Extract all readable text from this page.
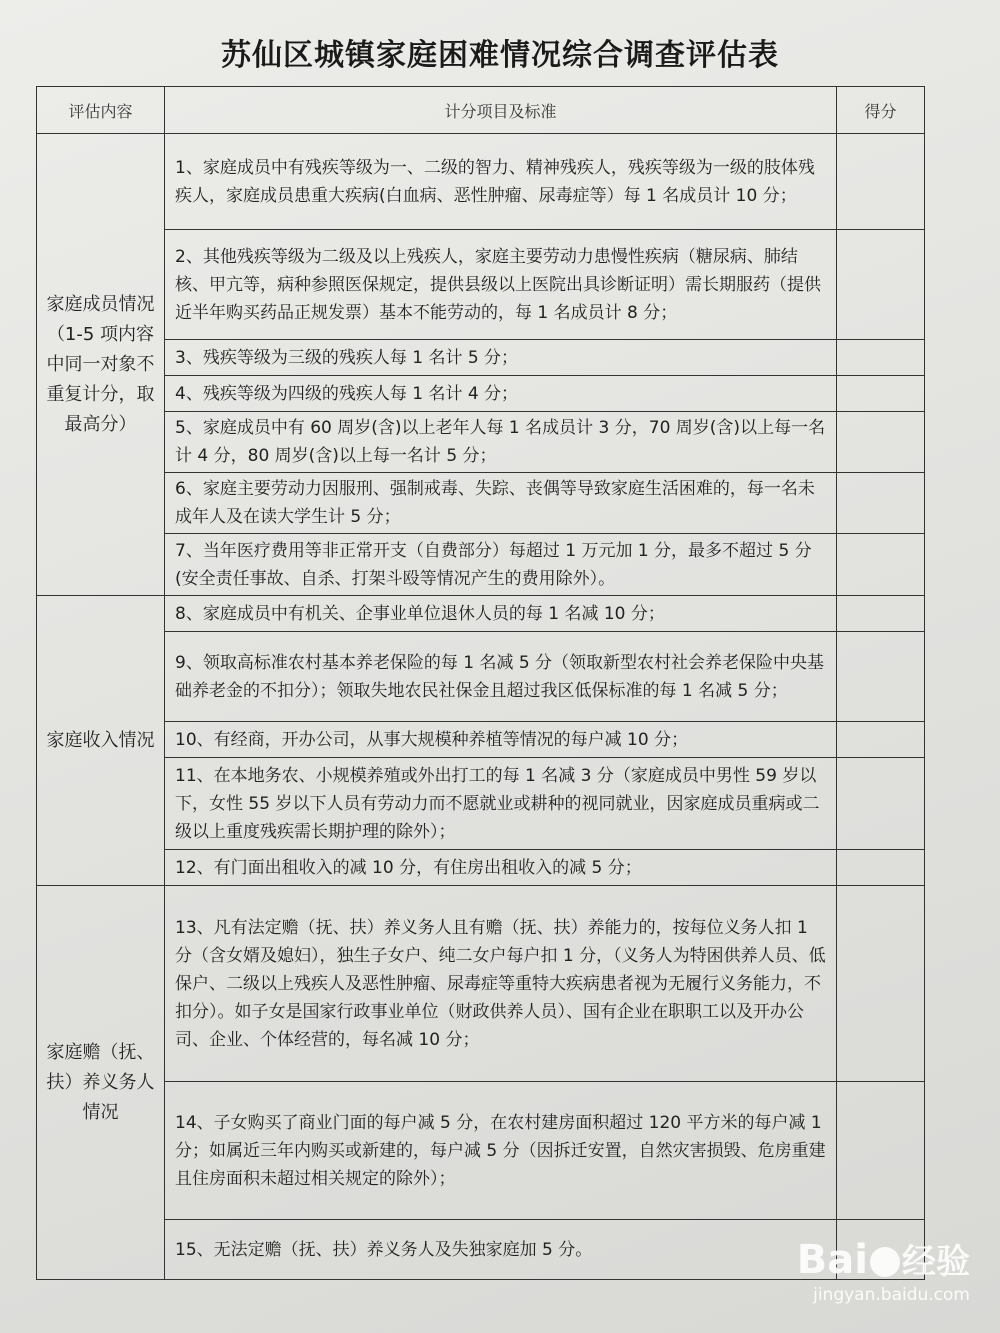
苏仙区城镇家庭困难情况综合调查评估表
评估内容	计分项目及标准	得分
家庭成员情况（1-5 项内容中同一对象不重复计分，取最高分）	1、家庭成员中有残疾等级为一、二级的智力、精神残疾人，残疾等级为一级的肢体残疾人，家庭成员患重大疾病(白血病、恶性肿瘤、尿毒症等）每 1 名成员计 10 分；	
	2、其他残疾等级为二级及以上残疾人，家庭主要劳动力患慢性疾病（糖尿病、肺结核、甲亢等，病种参照医保规定，提供县级以上医院出具诊断证明）需长期服药（提供近半年购买药品正规发票）基本不能劳动的，每 1 名成员计 8 分；	
	3、残疾等级为三级的残疾人每 1 名计 5 分；	
	4、残疾等级为四级的残疾人每 1 名计 4 分；	
	5、家庭成员中有 60 周岁(含)以上老年人每 1 名成员计 3 分，70 周岁(含)以上每一名计 4 分，80 周岁(含)以上每一名计 5 分；	
	6、家庭主要劳动力因服刑、强制戒毒、失踪、丧偶等导致家庭生活困难的，每一名未成年人及在读大学生计 5 分；	
	7、当年医疗费用等非正常开支（自费部分）每超过 1 万元加 1 分，最多不超过 5 分(安全责任事故、自杀、打架斗殴等情况产生的费用除外）。	
家庭收入情况	8、家庭成员中有机关、企事业单位退休人员的每 1 名减 10 分；	
	9、领取高标准农村基本养老保险的每 1 名减 5 分（领取新型农村社会养老保险中央基础养老金的不扣分）；领取失地农民社保金且超过我区低保标准的每 1 名减 5 分；	
	10、有经商，开办公司，从事大规模种养植等情况的每户减 10 分；	
	11、在本地务农、小规模养殖或外出打工的每 1 名减 3 分（家庭成员中男性 59 岁以下，女性 55 岁以下人员有劳动力而不愿就业或耕种的视同就业，因家庭成员重病或二级以上重度残疾需长期护理的除外）；	
	12、有门面出租收入的减 10 分，有住房出租收入的减 5 分；	
家庭赡（抚、扶）养义务人情况	13、凡有法定赡（抚、扶）养义务人且有赡（抚、扶）养能力的，按每位义务人扣 1 分（含女婿及媳妇），独生子女户、纯二女户每户扣 1 分，（义务人为特困供养人员、低保户、二级以上残疾人及恶性肿瘤、尿毒症等重特大疾病患者视为无履行义务能力，不扣分）。如子女是国家行政事业单位（财政供养人员）、国有企业在职职工以及开办公司、企业、个体经营的，每名减 10 分；	
	14、子女购买了商业门面的每户减 5 分，在农村建房面积超过 120 平方米的每户减 1 分；如属近三年内购买或新建的，每户减 5 分（因拆迁安置，自然灾害损毁、危房重建且住房面积未超过相关规定的除外）；	
	15、无法定赡（抚、扶）养义务人及失独家庭加 5 分。		Bai 经验
jingyan.baidu.com
